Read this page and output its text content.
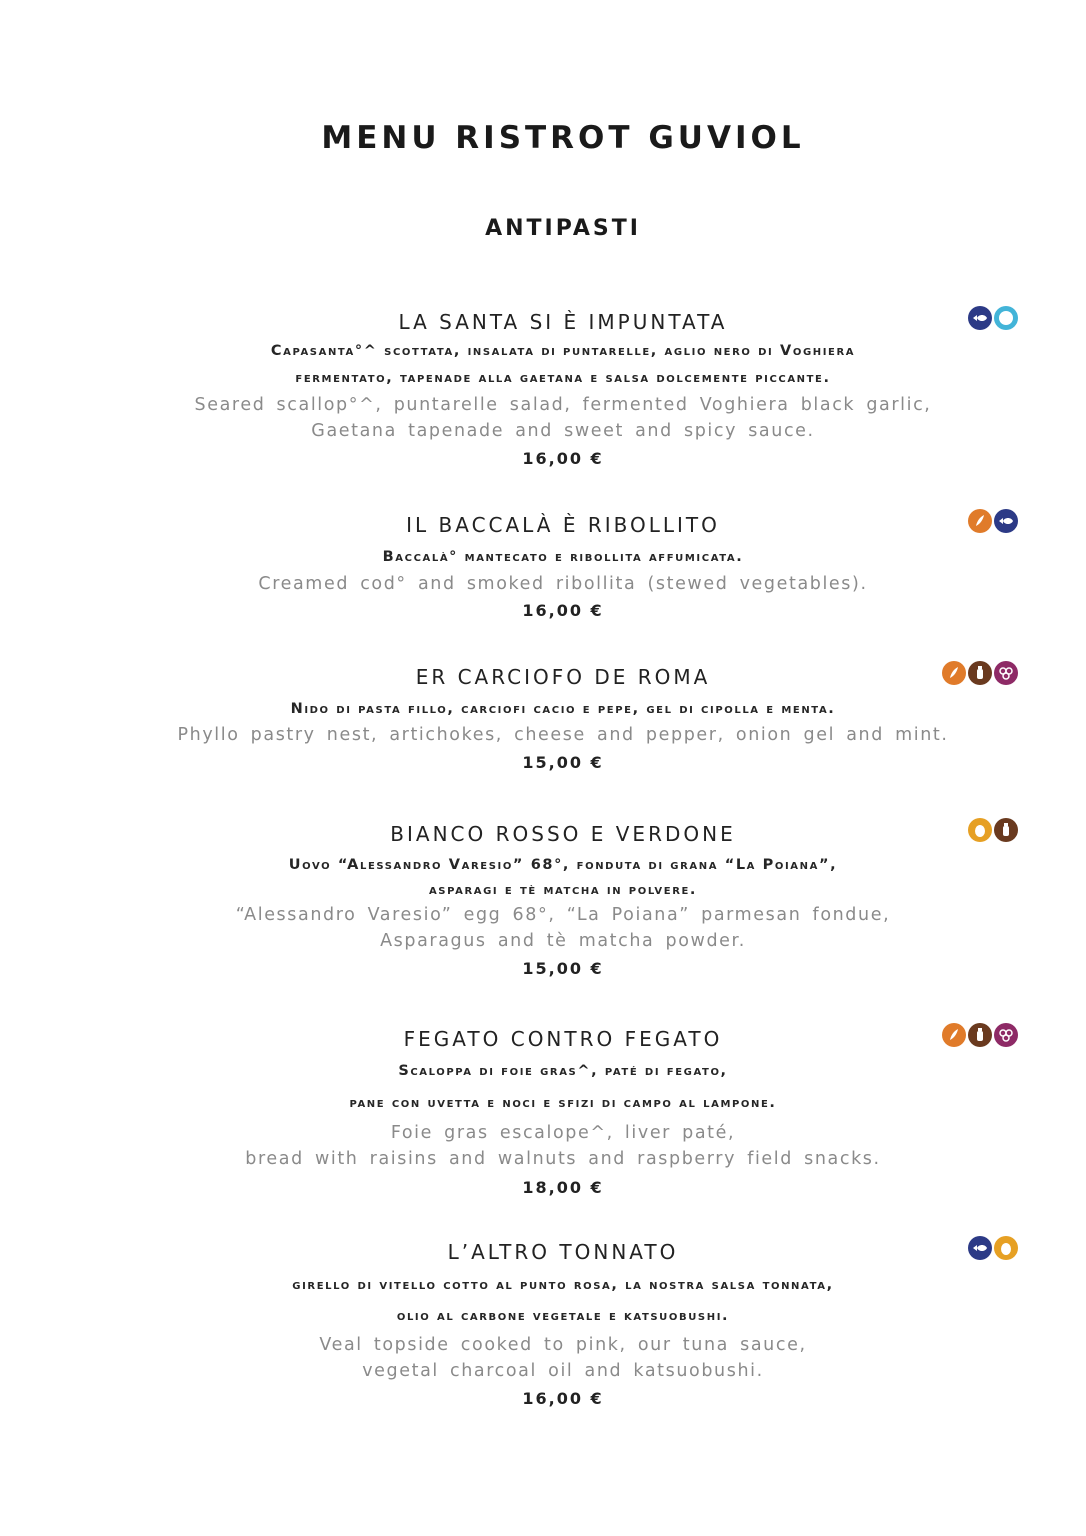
MENU RISTROT GUVIOL
ANTIPASTI
LA SANTA SI È IMPUNTATA
Capasanta°^ scottata, insalata di puntarelle, aglio nero di Voghiera
fermentato, tapenade alla gaetana e salsa dolcemente piccante.
Seared scallop°^, puntarelle salad, fermented Voghiera black garlic,
Gaetana tapenade and sweet and spicy sauce.
16,00 €
IL BACCALÀ È RIBOLLITO
Baccalà° mantecato e ribollita affumicata.
Creamed cod° and smoked ribollita (stewed vegetables).
16,00 €
ER CARCIOFO DE ROMA
Nido di pasta fillo, carciofi cacio e pepe, gel di cipolla e menta.
Phyllo pastry nest, artichokes, cheese and pepper, onion gel and mint.
15,00 €
BIANCO ROSSO E VERDONE
Uovo “Alessandro Varesio” 68°, fonduta di grana “La Poiana”,
asparagi e tè matcha in polvere.
“Alessandro Varesio” egg 68°, “La Poiana” parmesan fondue,
Asparagus and tè matcha powder.
15,00 €
FEGATO CONTRO FEGATO
Scaloppa di foie gras^, paté di fegato,
pane con uvetta e noci e sfizi di campo al lampone.
Foie gras escalope^, liver paté,
bread with raisins and walnuts and raspberry field snacks.
18,00 €
L’ALTRO TONNATO
girello di vitello cotto al punto rosa, la nostra salsa tonnata,
olio al carbone vegetale e katsuobushi.
Veal topside cooked to pink, our tuna sauce,
vegetal charcoal oil and katsuobushi.
16,00 €
